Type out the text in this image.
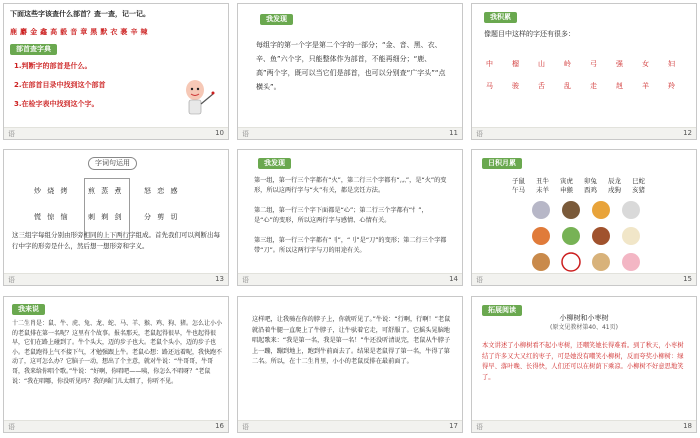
下面这些字该查什么部首？查一查，记一记。
鹿 麝 金 鑫 高 毅 音 章 黑 默 衣 裹 辛 辣
部首查字典
1.判断字的部首是什么。
2.在部首目录中找到这个部首
3.在检字表中找到这个字。
语	10
我发现
每组字的第一个字是第二个字的一部分；“金、音、黑、衣、辛、鱼”六个字，只能整体作为部首，不能再细分；“鹿、高”两个字，既可以当它们是部首，也可以分别查“广字头”“点横头”。
语	11
我积累
像题目中这样的字还有很多：
中	榴	山	岭	弓	强	女	妇
马	骏	舌	乱	走	赳	羊	羚
语	12
字词句运用
炒 烧 烤	煎 蒸 煮	怒 恋 感
慌 惊 恼	刺 剃 剑	分 剪 切
这三组字每组分别由形旁相同的上下两行字组成。首先我们可以判断出每行中字的形旁是什么，然后想一想形旁和字义。
语	13
我发现
第一组，第一行三个字都有“火”，第二行三个字都有“灬”，是“火”的变形，所以这两行字与“火”有关，都是烹饪方法。
第二组，第一行三个字下面都是“心”；第二行三个字都有“忄”，是“心”的变形，所以这两行字与感情、心情有关。
第三组，第一行三个字都有“刂”，“刂”是“刀”的变形；第二行三个字都带“刀”。所以这两行字与刀的用途有关。
语	14
日积月累
子鼠 丑牛 寅虎 卯兔 辰龙 巳蛇
午马 未羊 申猴 酉鸡 戌狗 亥猪
语	15
我来说
十二生肖是：鼠、牛、虎、兔、龙、蛇、马、羊、猴、鸡、狗、猪。怎么让小小的老鼠排在第一名呢？这里有个故事。报名那天，老鼠起得很早，牛也起得很早，它们在路上碰到了。牛个头大，迈的步子也大。老鼠个头小，迈的步子也小。老鼠跑得上气不接下气，才勉强跟上牛。老鼠心想：路还远着呢，我快跑不动了，这可怎么办？它脑子一动，想出了个主意，就对牛说：“牛哥哥，牛哥哥，我来给你唱个歌。”牛说：“好啊，你唱吧——咦，你怎么不唱呀？”老鼠说：“我在唱哪，你没听见吗？我的嗓门儿太细了，你听不见。
语	16
这样吧，让我骑在你的脖子上，你就听见了。”牛说：“行啊，行啊！”老鼠就沿着牛腿一直爬上了牛脖子，让牛驮着它走，可舒服了。它摇头晃脑地唱起歌来：“我是第一名，我是第一名！”牛还没听清说完，老鼠从牛脖子上一蹦，蹦到地上，跑到牛前面去了。结果是老鼠得了第一名，牛得了第二名。所以，在十二生肖里，小小的老鼠反排在最前面了。
语	17
拓展阅读
小柳树和小枣树
(原文见教材第40、41页)
本文讲述了小柳树看不起小枣树，还嘲笑她长得难看。到了秋天，小枣树结了许多又大又红的枣子，可是她没有嘲笑小柳树，反而夸奖小柳树：绿得早、落叶晚、长得快，人们还可以在树荫下乘凉。小柳树不好意思地笑了。
语	18
